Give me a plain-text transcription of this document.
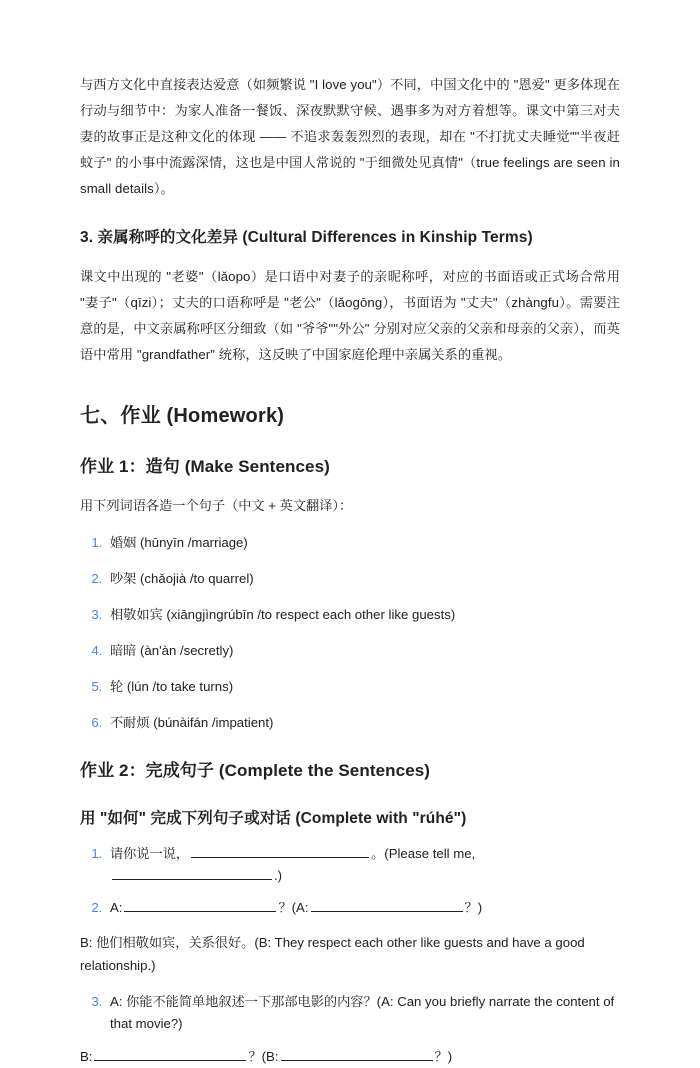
与西方文化中直接表达爱意（如频繁说 "I love you"）不同，中国文化中的 "恩爱" 更多体现在行动与细节中：为家人准备一餐饭、深夜默默守候、遇事多为对方着想等。课文中第三对夫妻的故事正是这种文化的体现 —— 不追求轰轰烈烈的表现，却在 "不打扰丈夫睡觉""半夜赶蚊子" 的小事中流露深情，这也是中国人常说的 "于细微处见真情"（true feelings are seen in small details）。

3. 亲属称呼的文化差异 (Cultural Differences in Kinship Terms)

课文中出现的 "老婆"（lǎopo）是口语中对妻子的亲昵称呼，对应的书面语或正式场合常用 "妻子"（qīzi）；丈夫的口语称呼是 "老公"（lǎogōng），书面语为 "丈夫"（zhàngfu）。需要注意的是，中文亲属称呼区分细致（如 "爷爷""外公" 分别对应父亲的父亲和母亲的父亲），而英语中常用 "grandfather" 统称，这反映了中国家庭伦理中亲属关系的重视。

七、作业 (Homework)
作业 1：造句 (Make Sentences)

用下列词语各造一个句子（中文 + 英文翻译）：

1. 婚姻 (hūnyīn /marriage)
2. 吵架 (chǎojià /to quarrel)
3. 相敬如宾 (xiāngjìngrúbīn /to respect each other like guests)
4. 暗暗 (àn'àn /secretly)
5. 轮 (lún /to take turns)
6. 不耐烦 (búnàifán /impatient)
作业 2：完成句子 (Complete the Sentences)
用 "如何" 完成下列句子或对话 (Complete with "rúhé")
1. 请你说一说，	。(Please tell me, .)
2. A:	？(A:	？)

B: 他们相敬如宾，关系很好。(B: They respect each other like guests and have a good relationship.)

3. A: 你能不能简单地叙述一下那部电影的内容？(A: Can you briefly narrate the content of that movie?)

B:	？(B:	？)
